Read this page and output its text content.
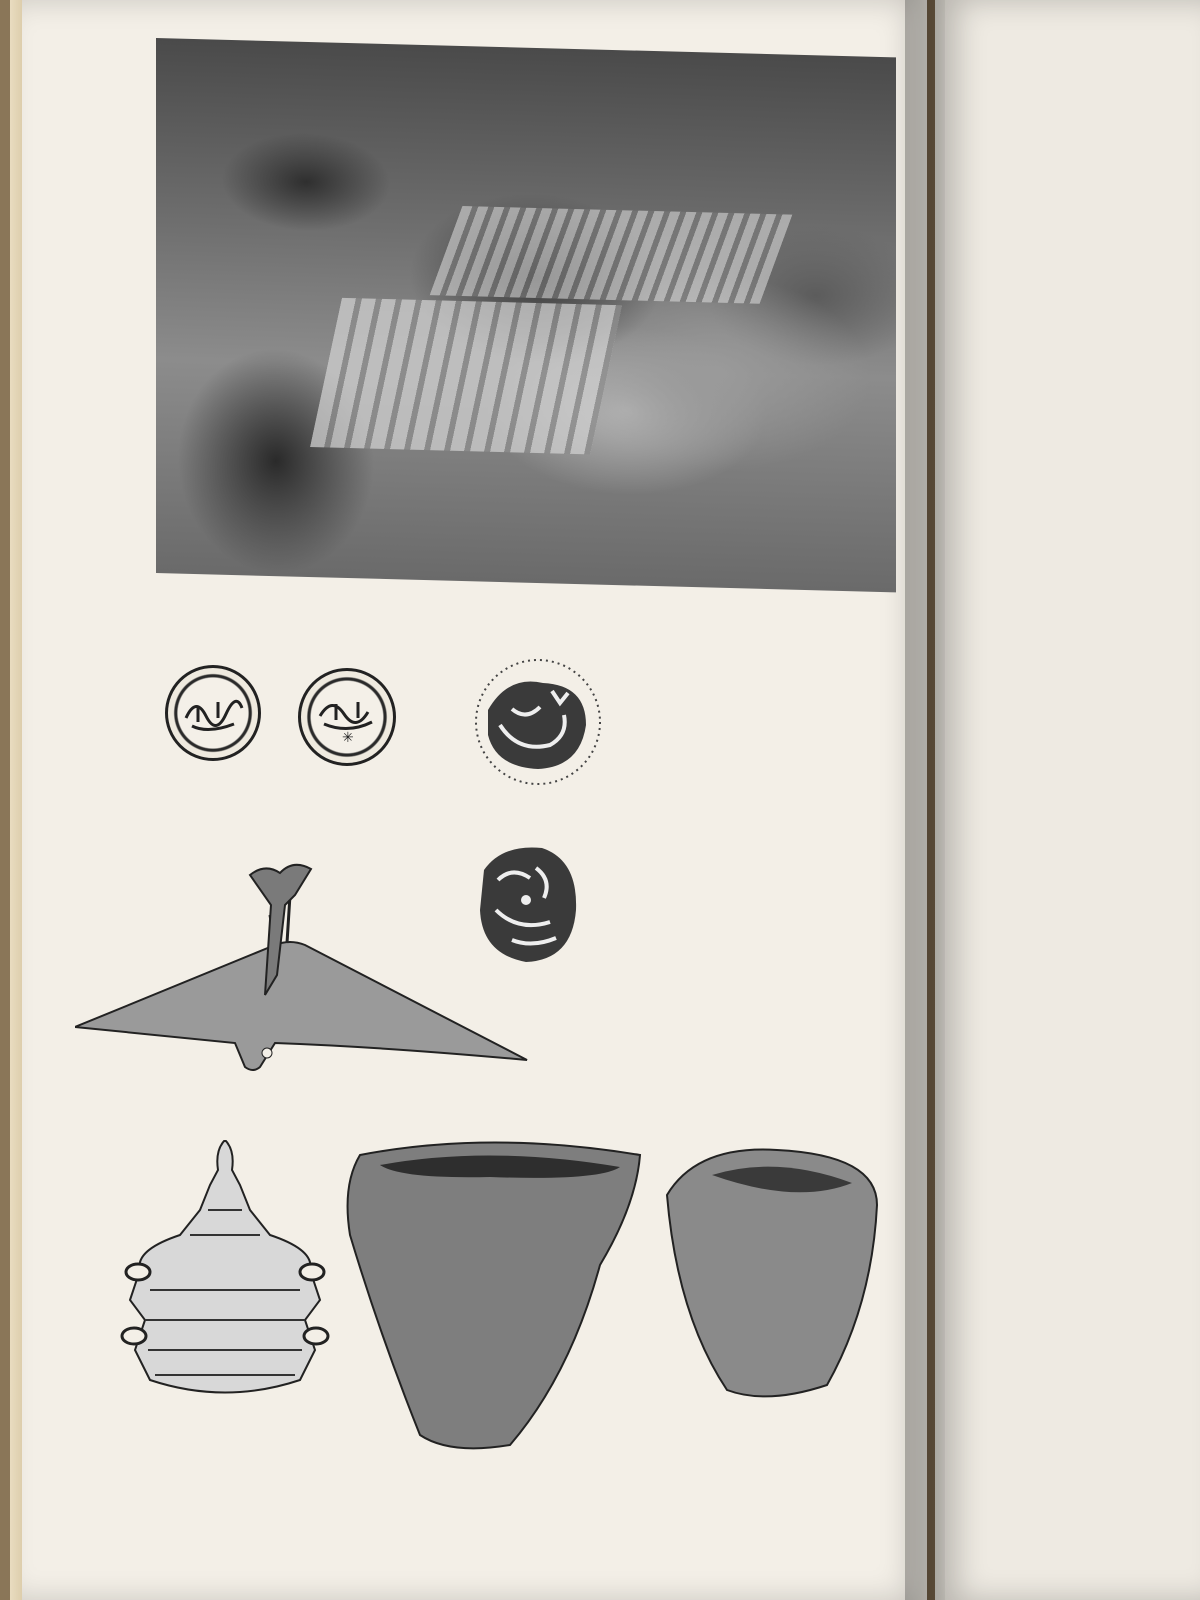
✳
